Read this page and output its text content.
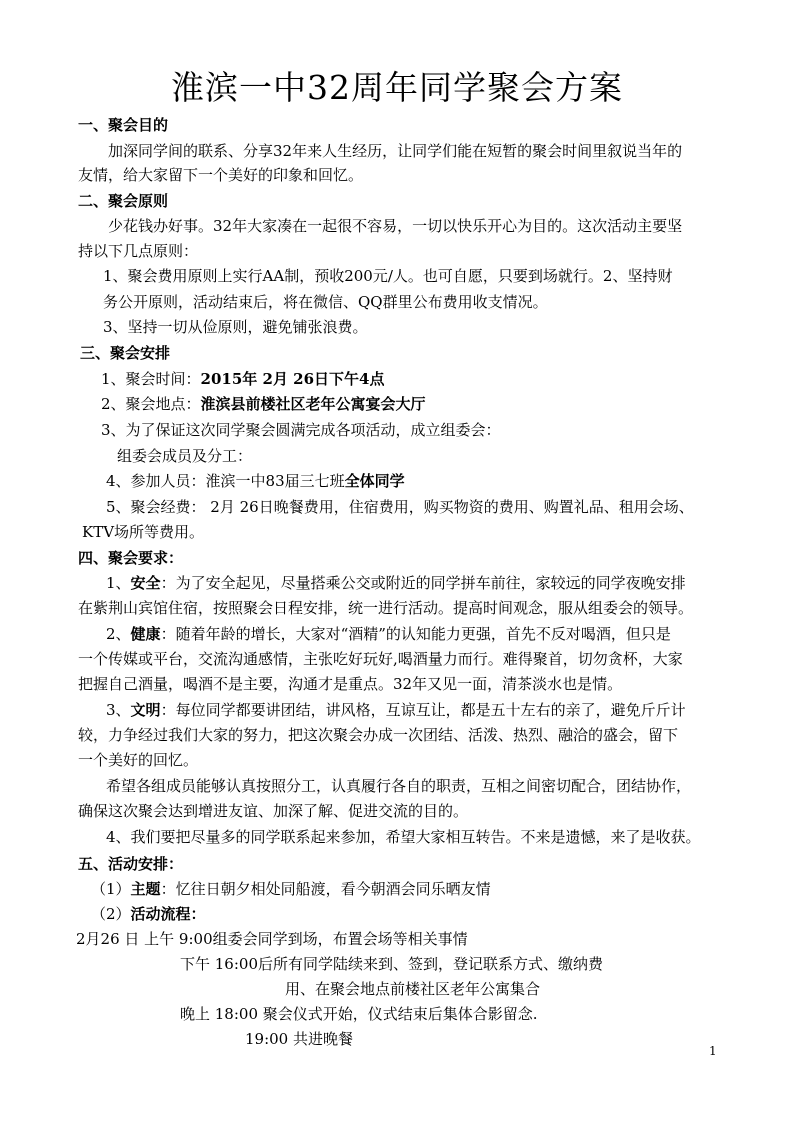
淮滨一中32周年同学聚会方案
一、聚会目的
加深同学间的联系、分享32年来人生经历，让同学们能在短暂的聚会时间里叙说当年的
友情，给大家留下一个美好的印象和回忆。
二、聚会原则
少花钱办好事。32年大家凑在一起很不容易，一切以快乐开心为目的。这次活动主要坚
持以下几点原则：
1、聚会费用原则上实行AA制，预收200元/人。也可自愿，只要到场就行。2、坚持财
务公开原则，活动结束后，将在微信、QQ群里公布费用收支情况。
3、坚持一切从俭原则，避免铺张浪费。
三、聚会安排
1、聚会时间：2015年 2月 26日下午4点
2、聚会地点：淮滨县前楼社区老年公寓宴会大厅
3、为了保证这次同学聚会圆满完成各项活动，成立组委会：
组委会成员及分工：
4、参加人员：淮滨一中83届三七班全体同学
5、聚会经费： 2月 26日晚餐费用，住宿费用，购买物资的费用、购置礼品、租用会场、
KTV场所等费用。
四、聚会要求：
1、安全：为了安全起见，尽量搭乘公交或附近的同学拼车前往，家较远的同学夜晚安排
在紫荆山宾馆住宿，按照聚会日程安排，统一进行活动。提高时间观念，服从组委会的领导。
2、健康：随着年龄的增长，大家对“酒精”的认知能力更强，首先不反对喝酒，但只是
一个传媒或平台，交流沟通感情，主张吃好玩好,喝酒量力而行。难得聚首，切勿贪杯，大家
把握自己酒量，喝酒不是主要，沟通才是重点。32年又见一面，清茶淡水也是情。
3、文明：每位同学都要讲团结，讲风格，互谅互让，都是五十左右的亲了，避免斤斤计
较，力争经过我们大家的努力，把这次聚会办成一次团结、活泼、热烈、融洽的盛会，留下
一个美好的回忆。
希望各组成员能够认真按照分工，认真履行各自的职责，互相之间密切配合，团结协作，
确保这次聚会达到增进友谊、加深了解、促进交流的目的。
4、我们要把尽量多的同学联系起来参加，希望大家相互转告。不来是遗憾，来了是收获。
五、活动安排：
（1）主题：忆往日朝夕相处同船渡，看今朝酒会同乐晒友情
（2）活动流程：
2月26 日 上午 9:00组委会同学到场，布置会场等相关事情
下午 16:00后所有同学陆续来到、签到，登记联系方式、缴纳费
用、在聚会地点前楼社区老年公寓集合
晚上 18:00 聚会仪式开始，仪式结束后集体合影留念.
19:00 共进晚餐
1
